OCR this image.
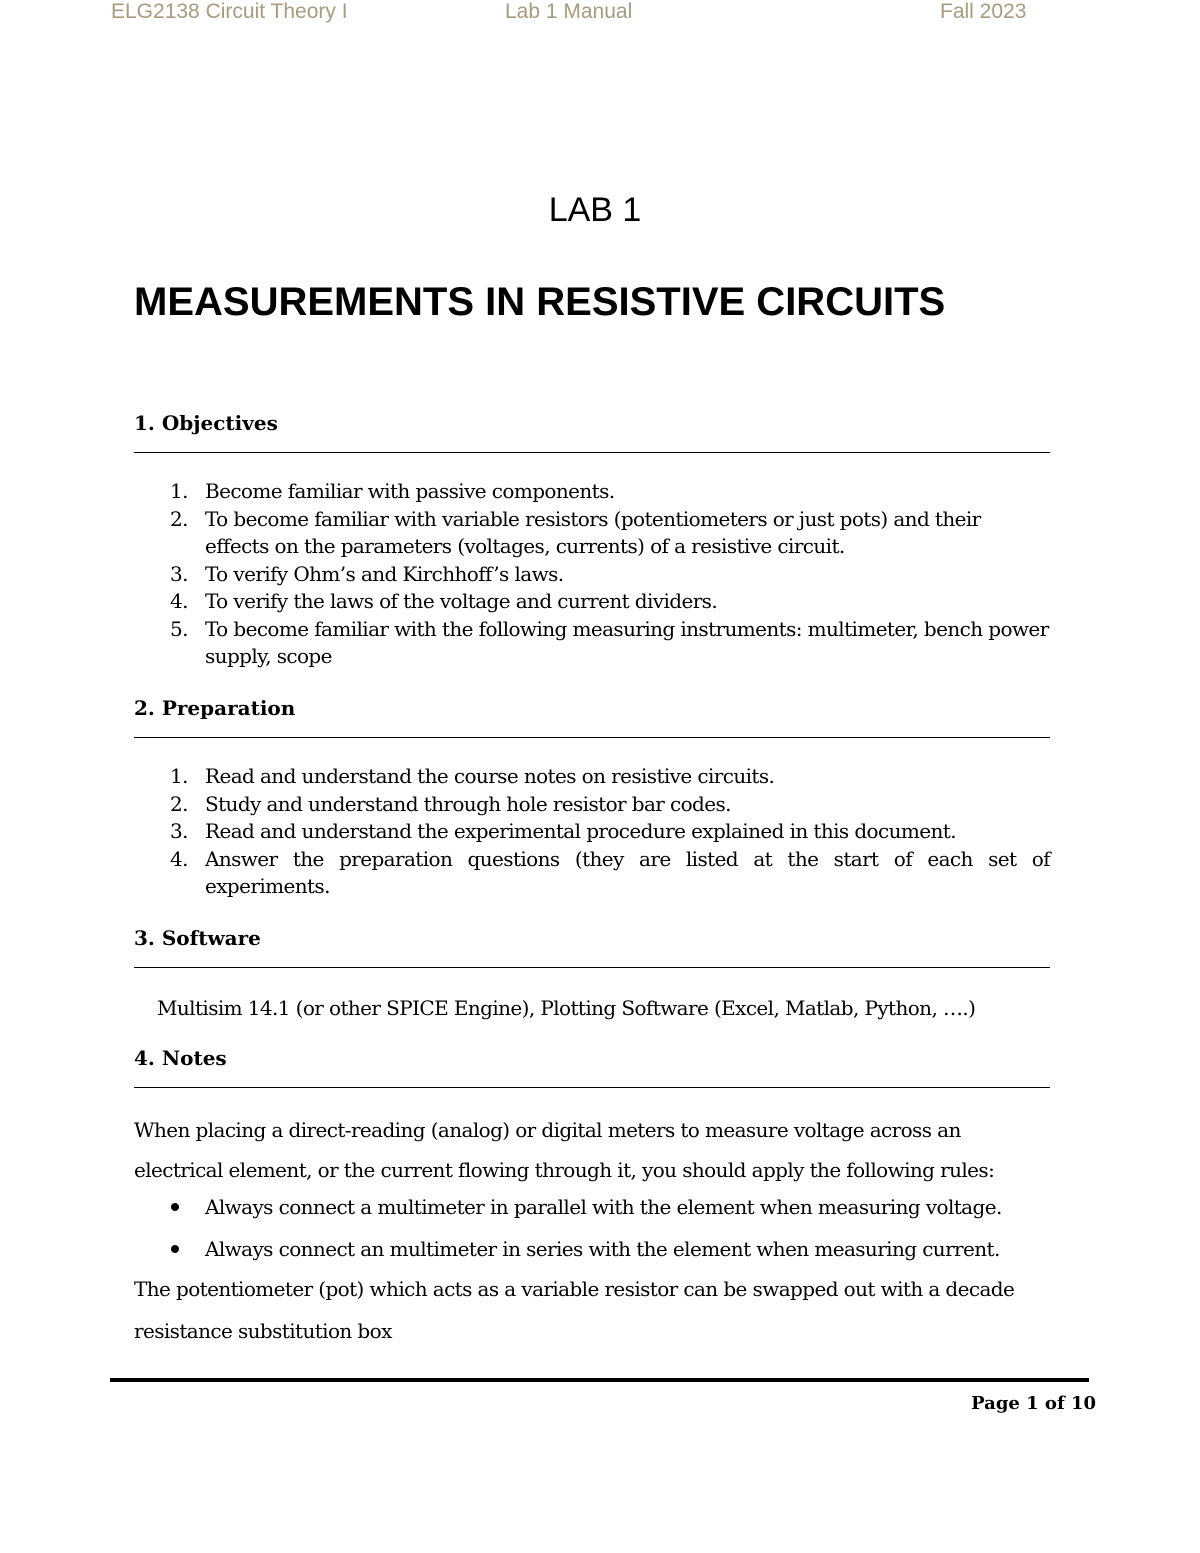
ELG2138 Circuit Theory I	Lab 1 Manual	Fall 2023
LAB 1
MEASUREMENTS IN RESISTIVE CIRCUITS
1. Objectives
1. Become familiar with passive components.
2. To become familiar with variable resistors (potentiometers or just pots) and their effects on the parameters (voltages, currents) of a resistive circuit.
3. To verify Ohm’s and Kirchhoff’s laws.
4. To verify the laws of the voltage and current dividers.
5. To become familiar with the following measuring instruments: multimeter, bench power supply, scope
2. Preparation
1. Read and understand the course notes on resistive circuits.
2. Study and understand through hole resistor bar codes.
3. Read and understand the experimental procedure explained in this document.
4. Answer the preparation questions (they are listed at the start of each set of experiments.
3. Software
Multisim 14.1 (or other SPICE Engine), Plotting Software (Excel, Matlab, Python, ….)
4. Notes
When placing a direct-reading (analog) or digital meters to measure voltage across an electrical element, or the current flowing through it, you should apply the following rules:
Always connect a multimeter in parallel with the element when measuring voltage.
Always connect an multimeter in series with the element when measuring current.
The potentiometer (pot) which acts as a variable resistor can be swapped out with a decade resistance substitution box
Page 1 of 10
